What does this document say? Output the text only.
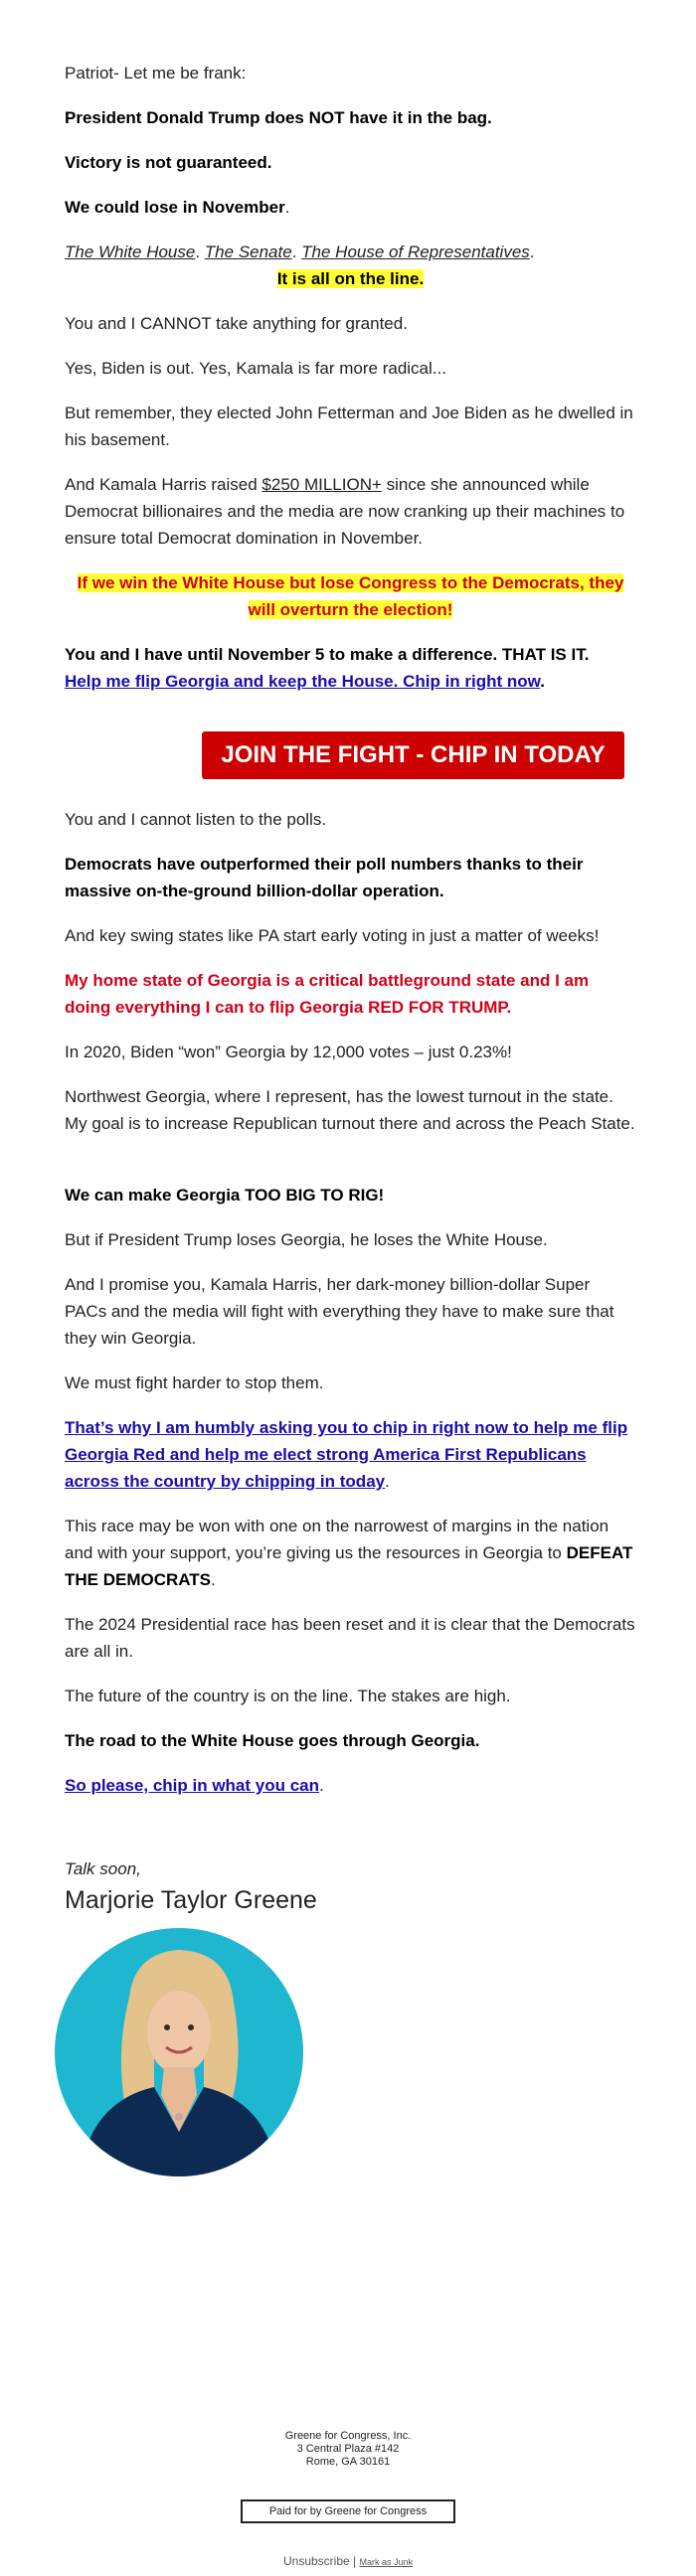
Patriot- Let me be frank:

President Donald Trump does NOT have it in the bag.

Victory is not guaranteed.

We could lose in November.

The White House. The Senate. The House of Representatives.

It is all on the line.

You and I CANNOT take anything for granted.

Yes, Biden is out. Yes, Kamala is far more radical...

But remember, they elected John Fetterman and Joe Biden as he dwelled in his basement.

And Kamala Harris raised $250 MILLION+ since she announced while Democrat billionaires and the media are now cranking up their machines to ensure total Democrat domination in November.

If we win the White House but lose Congress to the Democrats, they will overturn the election!

You and I have until November 5 to make a difference. THAT IS IT.
Help me flip Georgia and keep the House. Chip in right now.

JOIN THE FIGHT - CHIP IN TODAY

You and I cannot listen to the polls.

Democrats have outperformed their poll numbers thanks to their massive on-the-ground billion-dollar operation.

And key swing states like PA start early voting in just a matter of weeks!

My home state of Georgia is a critical battleground state and I am doing everything I can to flip Georgia RED FOR TRUMP.

In 2020, Biden “won” Georgia by 12,000 votes – just 0.23%!

Northwest Georgia, where I represent, has the lowest turnout in the state. My goal is to increase Republican turnout there and across the Peach State.

We can make Georgia TOO BIG TO RIG!

But if President Trump loses Georgia, he loses the White House.

And I promise you, Kamala Harris, her dark-money billion-dollar Super PACs and the media will fight with everything they have to make sure that they win Georgia.

We must fight harder to stop them.

That’s why I am humbly asking you to chip in right now to help me flip Georgia Red and help me elect strong America First Republicans across the country by chipping in today.

This race may be won with one on the narrowest of margins in the nation and with your support, you’re giving us the resources in Georgia to DEFEAT THE DEMOCRATS.

The 2024 Presidential race has been reset and it is clear that the Democrats are all in.

The future of the country is on the line. The stakes are high.

The road to the White House goes through Georgia.

So please, chip in what you can.

Talk soon,
Marjorie Taylor Greene
Greene for Congress, Inc.
3 Central Plaza #142
Rome, GA 30161
Paid for by Greene for Congress
Unsubscribe | Mark as Junk
